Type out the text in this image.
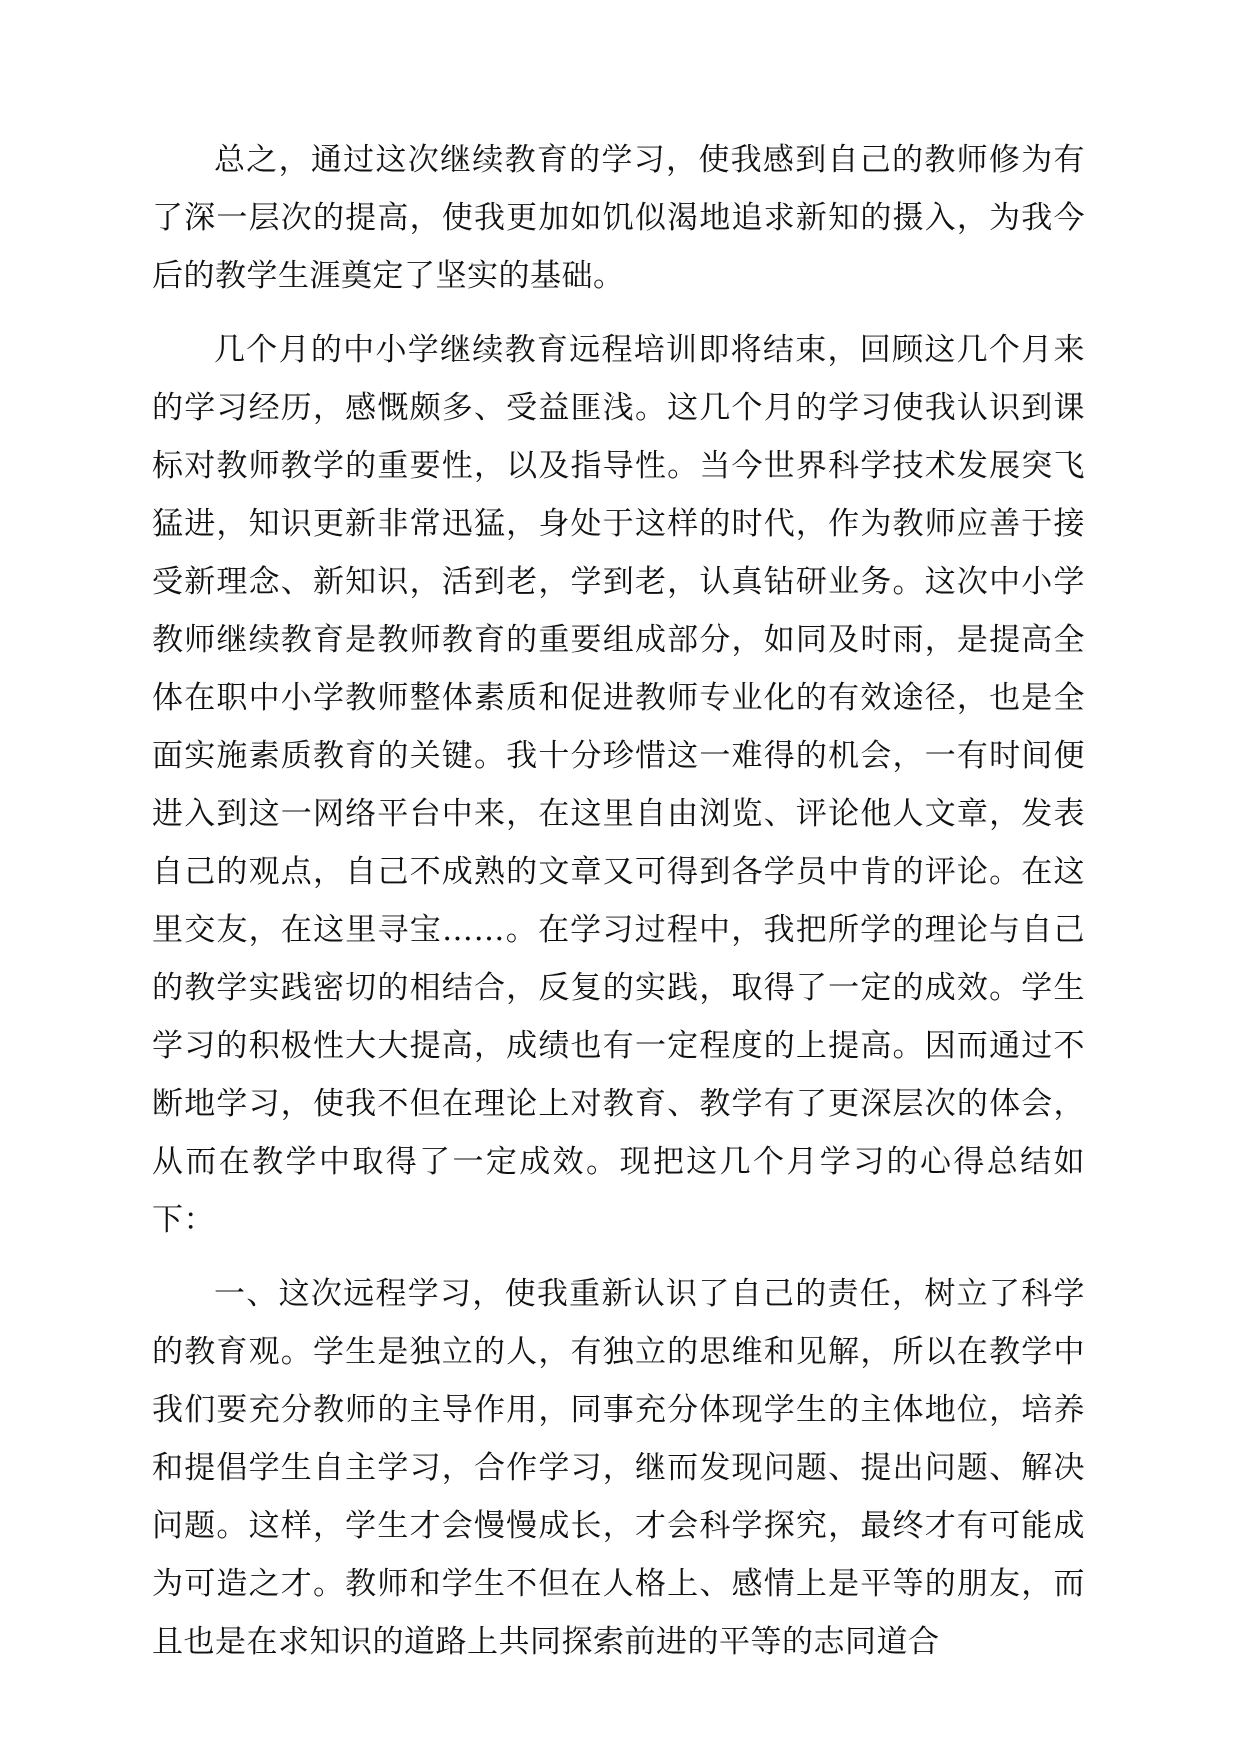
总之，通过这次继续教育的学习，使我感到自己的教师修为有了深一层次的提高，使我更加如饥似渴地追求新知的摄入，为我今后的教学生涯奠定了坚实的基础。

几个月的中小学继续教育远程培训即将结束，回顾这几个月来的学习经历，感慨颇多、受益匪浅。这几个月的学习使我认识到课标对教师教学的重要性，以及指导性。当今世界科学技术发展突飞猛进，知识更新非常迅猛，身处于这样的时代，作为教师应善于接受新理念、新知识，活到老，学到老，认真钻研业务。这次中小学教师继续教育是教师教育的重要组成部分，如同及时雨，是提高全体在职中小学教师整体素质和促进教师专业化的有效途径，也是全面实施素质教育的关键。我十分珍惜这一难得的机会，一有时间便进入到这一网络平台中来，在这里自由浏览、评论他人文章，发表自己的观点，自己不成熟的文章又可得到各学员中肯的评论。在这里交友，在这里寻宝……。在学习过程中，我把所学的理论与自己的教学实践密切的相结合，反复的实践，取得了一定的成效。学生学习的积极性大大提高，成绩也有一定程度的上提高。因而通过不断地学习，使我不但在理论上对教育、教学有了更深层次的体会，从而在教学中取得了一定成效。现把这几个月学习的心得总结如下：

一、这次远程学习，使我重新认识了自己的责任，树立了科学的教育观。学生是独立的人，有独立的思维和见解，所以在教学中我们要充分教师的主导作用，同事充分体现学生的主体地位，培养和提倡学生自主学习，合作学习，继而发现问题、提出问题、解决问题。这样，学生才会慢慢成长，才会科学探究，最终才有可能成为可造之才。教师和学生不但在人格上、感情上是平等的朋友，而且也是在求知识的道路上共同探索前进的平等的志同道合
